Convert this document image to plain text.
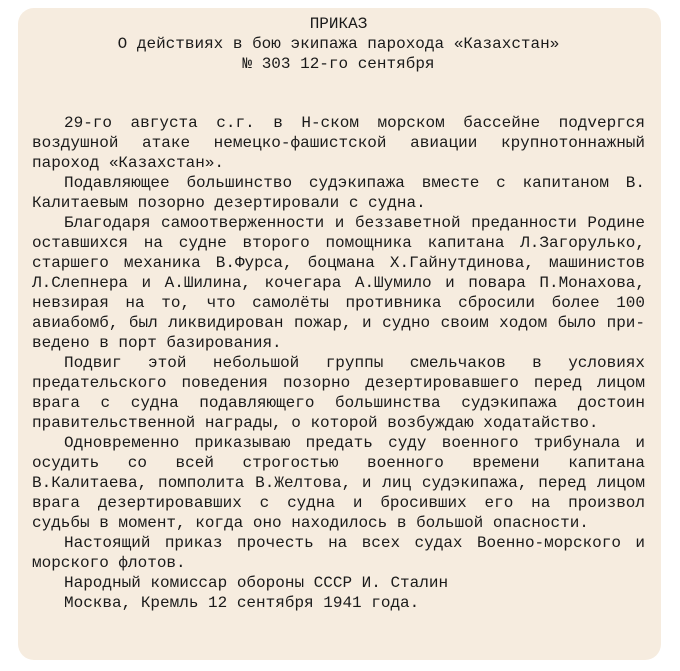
ПРИКАЗ
О действиях в бою экипажа парохода «Казахстан»
№ 303 12-го сентября

29-го августа с.г. в Н-ском морском бассейне подvергся воздушной атаке немецко-фашистской авиации крупнотоннажный пароход «Казахстан».

Подавляющее большинство судэкипажа вместе с капитаном В. Калитаевым позорно дезертировали с судна.

Благодаря самоотверженности и беззаветной преданности Родине оставшихся на судне второго помощника капитана Л.Загорулько, старшего механика В.Фурса, боцмана Х.Гайнутдинова, машинистов Л.Слепнера и А.Шилина, кочегара А.Шумило и повара П.Монахова, невзирая на то, что самолёты противника сбросили более 100 авиабомб, был ликвидирован пожар, и судно своим ходом было приведено в порт базирования.

Подвиг этой небольшой группы смельчаков в условиях предательского поведения позорно дезертировавшего перед лицом врага с судна подавляющего большинства судэкипажа достоин правительственной награды, о которой возбуждаю ходатайство.

Одновременно приказываю предать суду военного трибунала и осудить со всей строгостью военного времени капитана В.Калитаева, помполита В.Желтова, и лиц судэкипажа, перед лицом врага дезертировавших с судна и бросивших его на произвол судьбы в момент, когда оно находилось в большой опасности.

Настоящий приказ прочесть на всех судах Военно-морского и морского флотов.

Народный комиссар обороны СССР И. Сталин

Москва, Кремль 12 сентября 1941 года.
